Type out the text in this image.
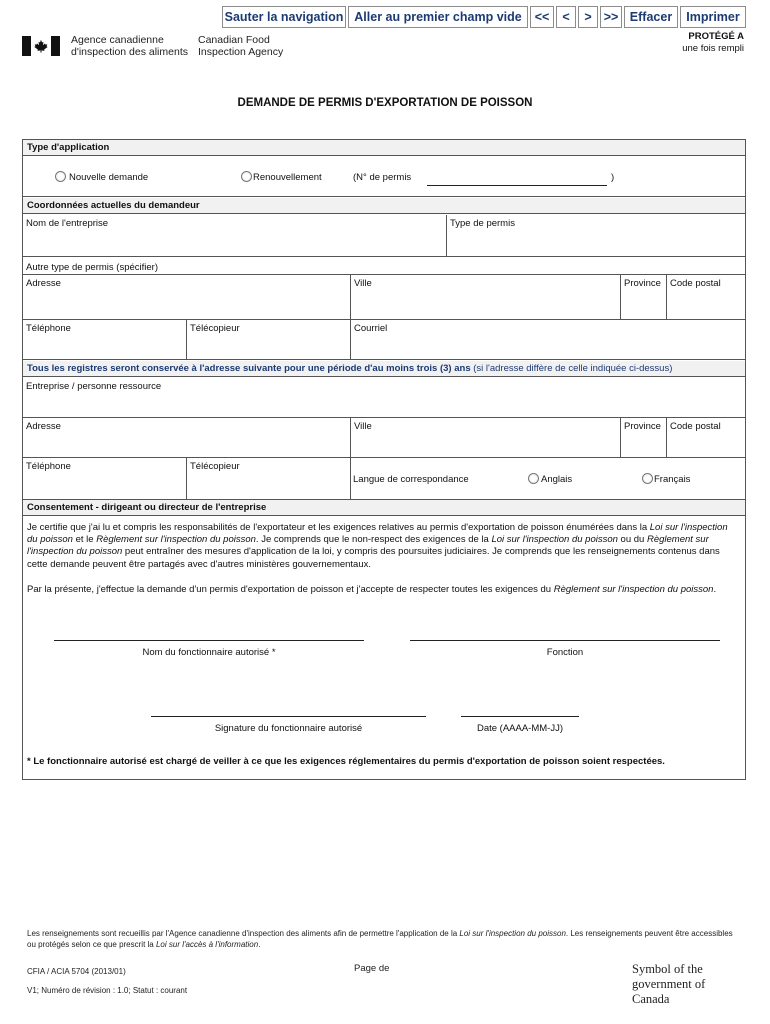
Sauter la navigation Aller au premier champ vide	<<	<	> >> Effacer	Imprimer
Agence canadienne d'inspection des aliments
Canadian Food Inspection Agency
PROTÉGÉ A
une fois rempli
DEMANDE DE PERMIS D'EXPORTATION DE POISSON
Type d'application
Nouvelle demande	Renouvellement	(N° de permis	)
Coordonnées actuelles du demandeur
Nom de l'entreprise	Type de permis
Autre type de permis (spécifier)
Adresse	Ville	Province Code postal
Téléphone	Télécopieur	Courriel
Tous les registres seront conservée à l'adresse suivante pour une période d'au moins trois (3) ans (si l'adresse diffère de celle indiquée ci-dessus)
Entreprise / personne ressource
Adresse	Ville	Province Code postal
Téléphone	Télécopieur
Langue de correspondance	Anglais	Français
Consentement - dirigeant ou directeur de l'entreprise
Je certifie que j'ai lu et compris les responsabilités de l'exportateur et les exigences relatives au permis d'exportation de poisson énumérées dans la Loi sur l'inspection du poisson et le Règlement sur l'inspection du poisson. Je comprends que le non-respect des exigences de la Loi sur l'inspection du poisson ou du Règlement sur l'inspection du poisson peut entraîner des mesures d'application de la loi, y compris des poursuites judiciaires. Je comprends que les renseignements contenus dans cette demande peuvent être partagés avec d'autres ministères gouvernementaux.
Par la présente, j'effectue la demande d'un permis d'exportation de poisson et j'accepte de respecter toutes les exigences du Règlement sur l'inspection du poisson.
Nom du fonctionnaire autorisé *	Fonction
Signature du fonctionnaire autorisé	Date (AAAA-MM-JJ)
* Le fonctionnaire autorisé est chargé de veiller à ce que les exigences réglementaires du permis d'exportation de poisson soient respectées.
Les renseignements sont recueillis par l'Agence canadienne d'inspection des aliments afin de permettre l'application de la Loi sur l'inspection du poisson. Les renseignements peuvent être accessibles ou protégés selon ce que prescrit la Loi sur l'accès à l'information.
CFIA / ACIA 5704 (2013/01)	Page de
V1; Numéro de révision : 1.0; Statut : courant
Symbol of the government of Canada
